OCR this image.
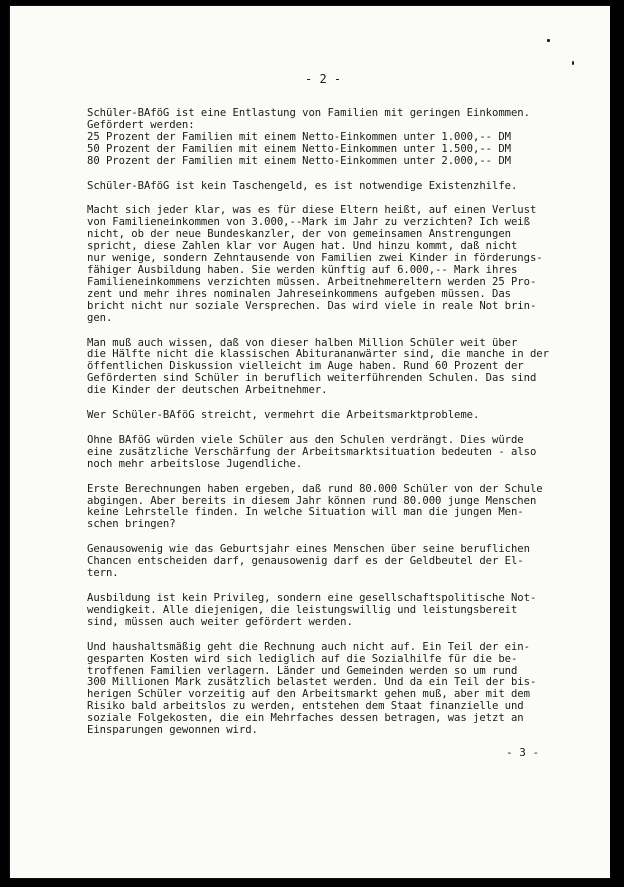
- 2 -

Schüler-BAföG ist eine Entlastung von Familien mit geringen Einkommen.
Gefördert werden:
25 Prozent der Familien mit einem Netto-Einkommen unter 1.000,-- DM
50 Prozent der Familien mit einem Netto-Einkommen unter 1.500,-- DM
80 Prozent der Familien mit einem Netto-Einkommen unter 2.000,-- DM

Schüler-BAföG ist kein Taschengeld, es ist notwendige Existenzhilfe.

Macht sich jeder klar, was es für diese Eltern heißt, auf einen Verlust
von Familieneinkommen von 3.000,--Mark im Jahr zu verzichten? Ich weiß
nicht, ob der neue Bundeskanzler, der von gemeinsamen Anstrengungen
spricht, diese Zahlen klar vor Augen hat. Und hinzu kommt, daß nicht
nur wenige, sondern Zehntausende von Familien zwei Kinder in förderungs-
fähiger Ausbildung haben. Sie werden künftig auf 6.000,-- Mark ihres
Familieneinkommens verzichten müssen. Arbeitnehmereltern werden 25 Pro-
zent und mehr ihres nominalen Jahreseinkommens aufgeben müssen. Das
bricht nicht nur soziale Versprechen. Das wird viele in reale Not brin-
gen.

Man muß auch wissen, daß von dieser halben Million Schüler weit über
die Hälfte nicht die klassischen Abiturananwärter sind, die manche in der
öffentlichen Diskussion vielleicht im Auge haben. Rund 60 Prozent der
Geförderten sind Schüler in beruflich weiterführenden Schulen. Das sind
die Kinder der deutschen Arbeitnehmer.

Wer Schüler-BAföG streicht, vermehrt die Arbeitsmarktprobleme.

Ohne BAföG würden viele Schüler aus den Schulen verdrängt. Dies würde
eine zusätzliche Verschärfung der Arbeitsmarktsituation bedeuten - also
noch mehr arbeitslose Jugendliche.

Erste Berechnungen haben ergeben, daß rund 80.000 Schüler von der Schule
abgingen. Aber bereits in diesem Jahr können rund 80.000 junge Menschen
keine Lehrstelle finden. In welche Situation will man die jungen Men-
schen bringen?

Genausowenig wie das Geburtsjahr eines Menschen über seine beruflichen
Chancen entscheiden darf, genausowenig darf es der Geldbeutel der El-
tern.

Ausbildung ist kein Privileg, sondern eine gesellschaftspolitische Not-
wendigkeit. Alle diejenigen, die leistungswillig und leistungsbereit
sind, müssen auch weiter gefördert werden.

Und haushaltsmäßig geht die Rechnung auch nicht auf. Ein Teil der ein-
gesparten Kosten wird sich lediglich auf die Sozialhilfe für die be-
troffenen Familien verlagern. Länder und Gemeinden werden so um rund
300 Millionen Mark zusätzlich belastet werden. Und da ein Teil der bis-
herigen Schüler vorzeitig auf den Arbeitsmarkt gehen muß, aber mit dem
Risiko bald arbeitslos zu werden, entstehen dem Staat finanzielle und
soziale Folgekosten, die ein Mehrfaches dessen betragen, was jetzt an
Einsparungen gewonnen wird.

- 3 -
